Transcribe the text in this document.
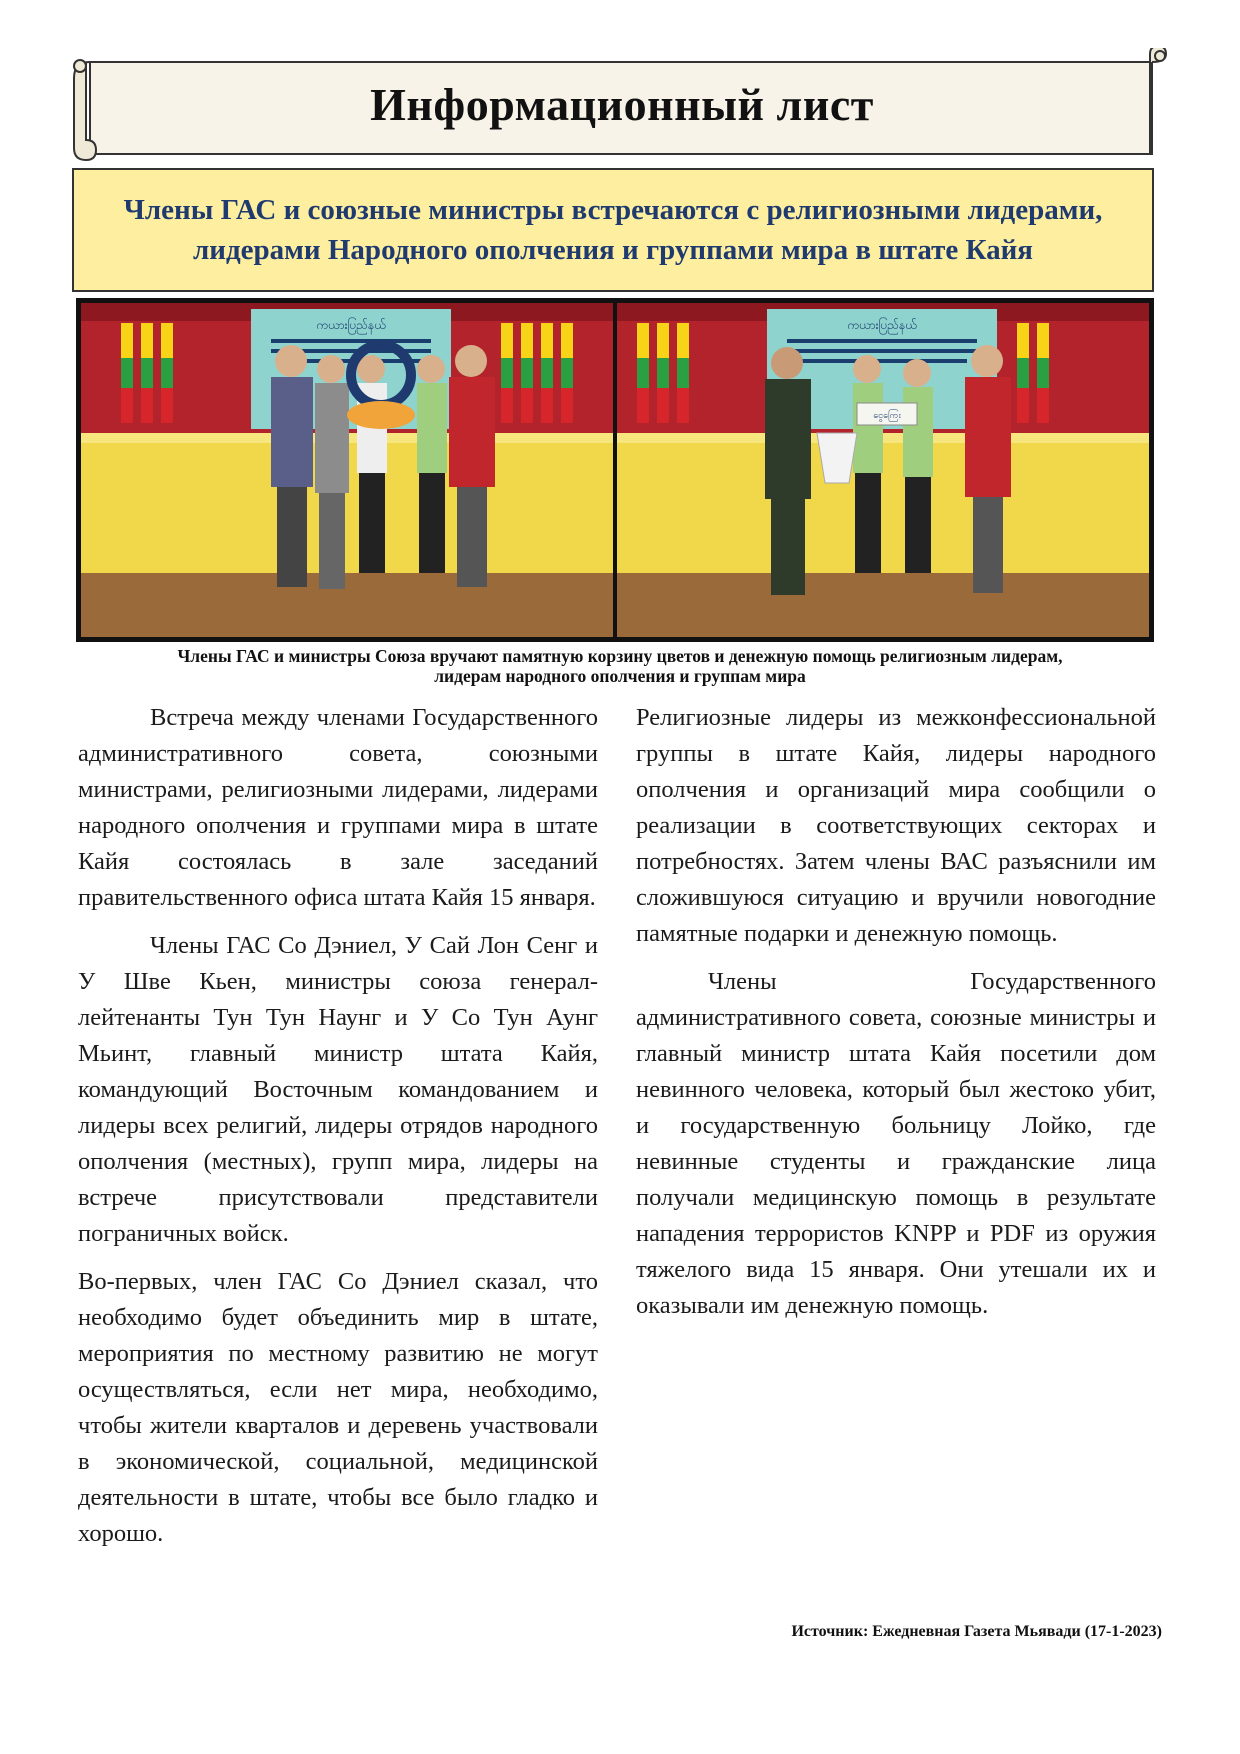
Информационный лист
Члены ГАС и союзные министры встречаются с религиозными лидерами,
лидерами Народного ополчения и группами мира в штате Кайя
ကယားပြည်နယ်	ကယားပြည်နယ်
ငွေကြေး
Члены ГАС и министры Союза вручают памятную корзину цветов и денежную помощь религиозным лидерам,
лидерам народного ополчения и группам мира

Встреча между членами Государственного административного совета, союзными министрами, религиозными лидерами, лидерами народного ополчения и группами мира в штате Кайя состоялась в зале заседаний правительственного офиса штата Кайя 15 января.

Члены ГАС Со Дэниел, У Сай Лон Сенг и У Шве Кьен, министры союза генерал-лейтенанты Тун Тун Наунг и У Со Тун Аунг Мьинт, главный министр штата Кайя, командующий Восточным командованием и лидеры всех религий, лидеры отрядов народного ополчения (местных), групп мира, лидеры на встрече присутствовали представители пограничных войск.

Во-первых, член ГАС Со Дэниел сказал, что необходимо будет объединить мир в штате, мероприятия по местному развитию не могут осуществляться, если нет мира, необходимо, чтобы жители кварталов и деревень участвовали в экономической, социальной, медицинской деятельности в штате, чтобы все было гладко и хорошо.

Религиозные лидеры из межконфессиональной группы в штате Кайя, лидеры народного ополчения и организаций мира сообщили о реализации в соответствующих секторах и потребностях. Затем члены ВАС разъяснили им сложившуюся ситуацию и вручили новогодние памятные подарки и денежную помощь.

Члены Государственного административного совета, союзные министры и главный министр штата Кайя посетили дом невинного человека, который был жестоко убит, и государственную больницу Лойко, где невинные студенты и гражданские лица получали медицинскую помощь в результате нападения террористов KNPP и PDF из оружия тяжелого вида 15 января. Они утешали их и оказывали им денежную помощь.

Источник: Ежедневная Газета Мьявади (17-1-2023)
